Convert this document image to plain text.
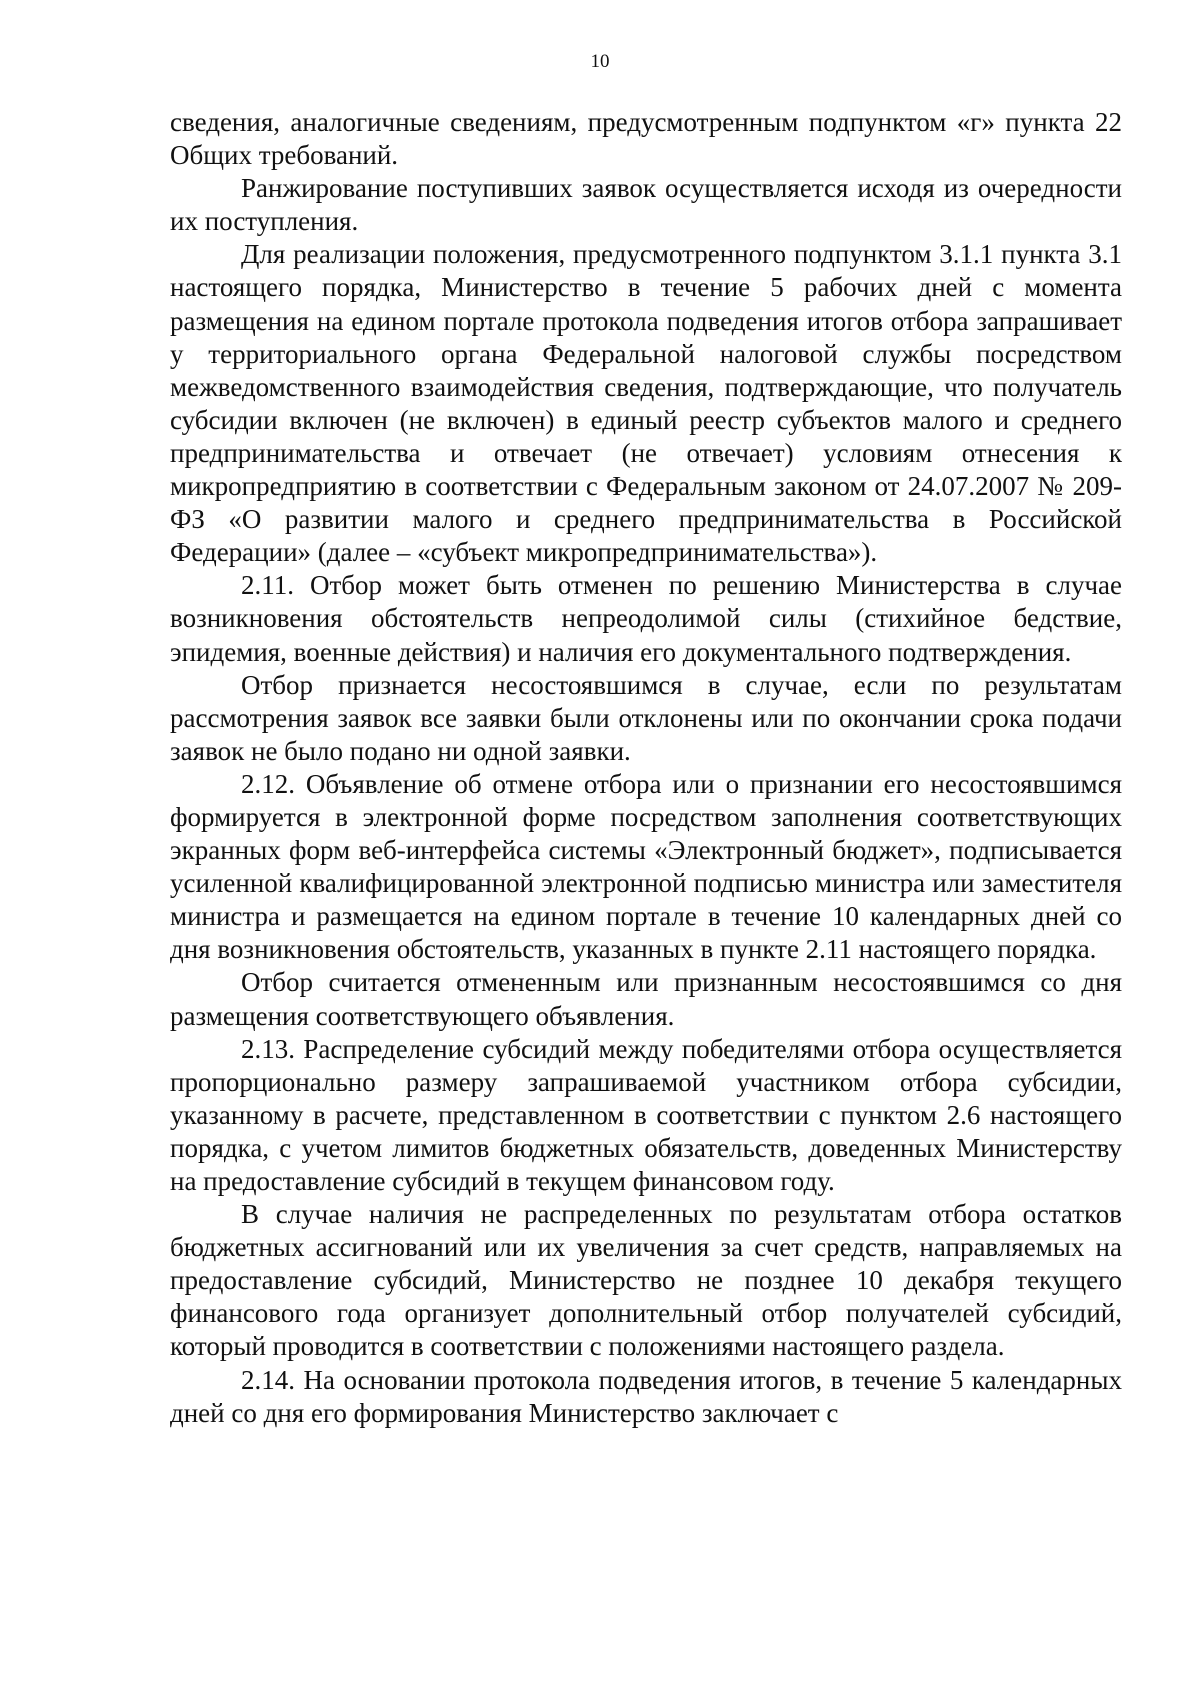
10

сведения, аналогичные сведениям, предусмотренным подпунктом «г» пункта 22 Общих требований.

Ранжирование поступивших заявок осуществляется исходя из очередности их поступления.

Для реализации положения, предусмотренного подпунктом 3.1.1 пункта 3.1 настоящего порядка, Министерство в течение 5 рабочих дней с момента размещения на едином портале протокола подведения итогов отбора запрашивает у территориального органа Федеральной налоговой службы посредством межведомственного взаимодействия сведения, подтверждающие, что получатель субсидии включен (не включен) в единый реестр субъектов малого и среднего предпринимательства и отвечает (не отвечает) условиям отнесения к микропредприятию в соответствии с Федеральным законом от 24.07.2007 № 209-ФЗ «О развитии малого и среднего предпринимательства в Российской Федерации» (далее – «субъект микропредпринимательства»).

2.11. Отбор может быть отменен по решению Министерства в случае возникновения обстоятельств непреодолимой силы (стихийное бедствие, эпидемия, военные действия) и наличия его документального подтверждения.

Отбор признается несостоявшимся в случае, если по результатам рассмотрения заявок все заявки были отклонены или по окончании срока подачи заявок не было подано ни одной заявки.

2.12. Объявление об отмене отбора или о признании его несостоявшимся формируется в электронной форме посредством заполнения соответствующих экранных форм веб-интерфейса системы «Электронный бюджет», подписывается усиленной квалифицированной электронной подписью министра или заместителя министра и размещается на едином портале в течение 10 календарных дней со дня возникновения обстоятельств, указанных в пункте 2.11 настоящего порядка.

Отбор считается отмененным или признанным несостоявшимся со дня размещения соответствующего объявления.

2.13. Распределение субсидий между победителями отбора осуществляется пропорционально размеру запрашиваемой участником отбора субсидии, указанному в расчете, представленном в соответствии с пунктом 2.6 настоящего порядка, с учетом лимитов бюджетных обязательств, доведенных Министерству на предоставление субсидий в текущем финансовом году.

В случае наличия не распределенных по результатам отбора остатков бюджетных ассигнований или их увеличения за счет средств, направляемых на предоставление субсидий, Министерство не позднее 10 декабря текущего финансового года организует дополнительный отбор получателей субсидий, который проводится в соответствии с положениями настоящего раздела.

2.14. На основании протокола подведения итогов, в течение 5 календарных дней со дня его формирования Министерство заключает с
